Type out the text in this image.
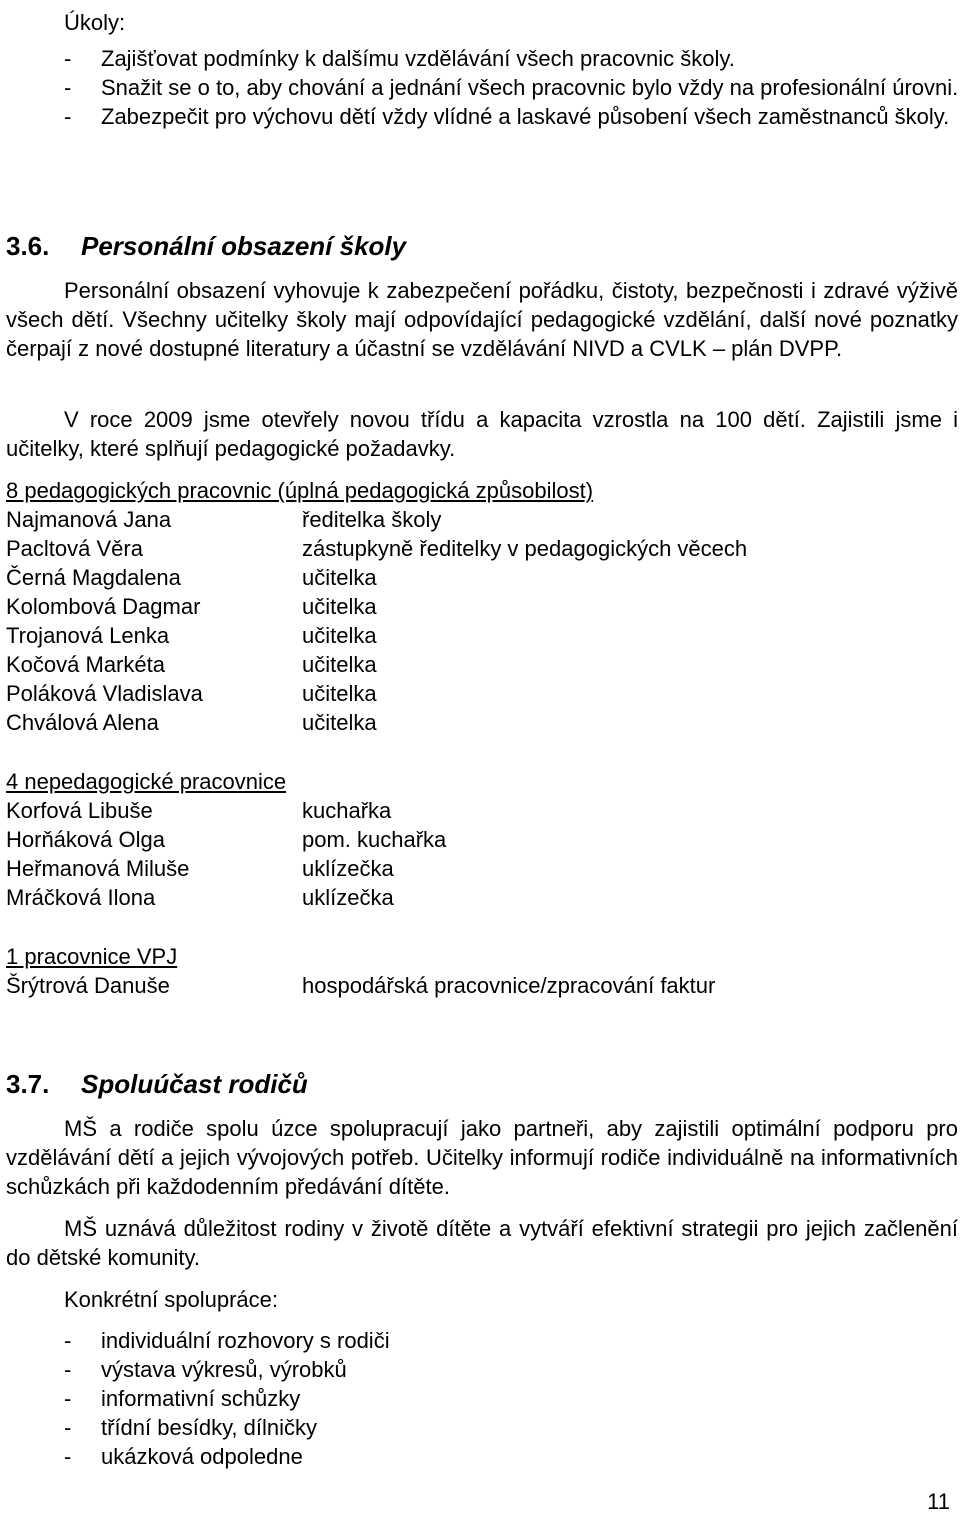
Úkoly:

- Zajišťovat podmínky k dalšímu vzdělávání všech pracovnic školy.
- Snažit se o to, aby chování a jednání všech pracovnic bylo vždy na profesionální úrovni.
- Zabezpečit pro výchovu dětí vždy vlídné a laskavé působení všech zaměstnanců školy.
3.6. Personální obsazení školy

Personální obsazení vyhovuje k zabezpečení pořádku, čistoty, bezpečnosti i zdravé výživě všech dětí. Všechny učitelky školy mají odpovídající pedagogické vzdělání, další nové poznatky čerpají z nové dostupné literatury a účastní se vzdělávání NIVD a CVLK – plán DVPP.

V roce 2009 jsme otevřely novou třídu a kapacita vzrostla na 100 dětí. Zajistili jsme i učitelky, které splňují pedagogické požadavky.

8 pedagogických pracovnic (úplná pedagogická způsobilost)

Najmanová Jana	ředitelka školy
Pacltová Věra	zástupkyně ředitelky v pedagogických věcech
Černá Magdalena	učitelka
Kolombová Dagmar	učitelka
Trojanová Lenka	učitelka
Kočová Markéta	učitelka
Poláková Vladislava	učitelka
Chválová Alena	učitelka

4 nepedagogické pracovnice

Korfová Libuše	kuchařka
Horňáková Olga	pom. kuchařka
Heřmanová Miluše	uklízečka
Mráčková Ilona	uklízečka

1 pracovnice VPJ

Šrýtrová Danuše	hospodářská pracovnice/zpracování faktur
3.7. Spoluúčast rodičů

MŠ a rodiče spolu úzce spolupracují jako partneři, aby zajistili optimální podporu pro vzdělávání dětí a jejich vývojových potřeb. Učitelky informují rodiče individuálně na informativních schůzkách při každodenním předávání dítěte.

MŠ uznává důležitost rodiny v životě dítěte a vytváří efektivní strategii pro jejich začlenění do dětské komunity.

Konkrétní spolupráce:

- individuální rozhovory s rodiči
- výstava výkresů, výrobků
- informativní schůzky
- třídní besídky, dílničky
- ukázková odpoledne
11
